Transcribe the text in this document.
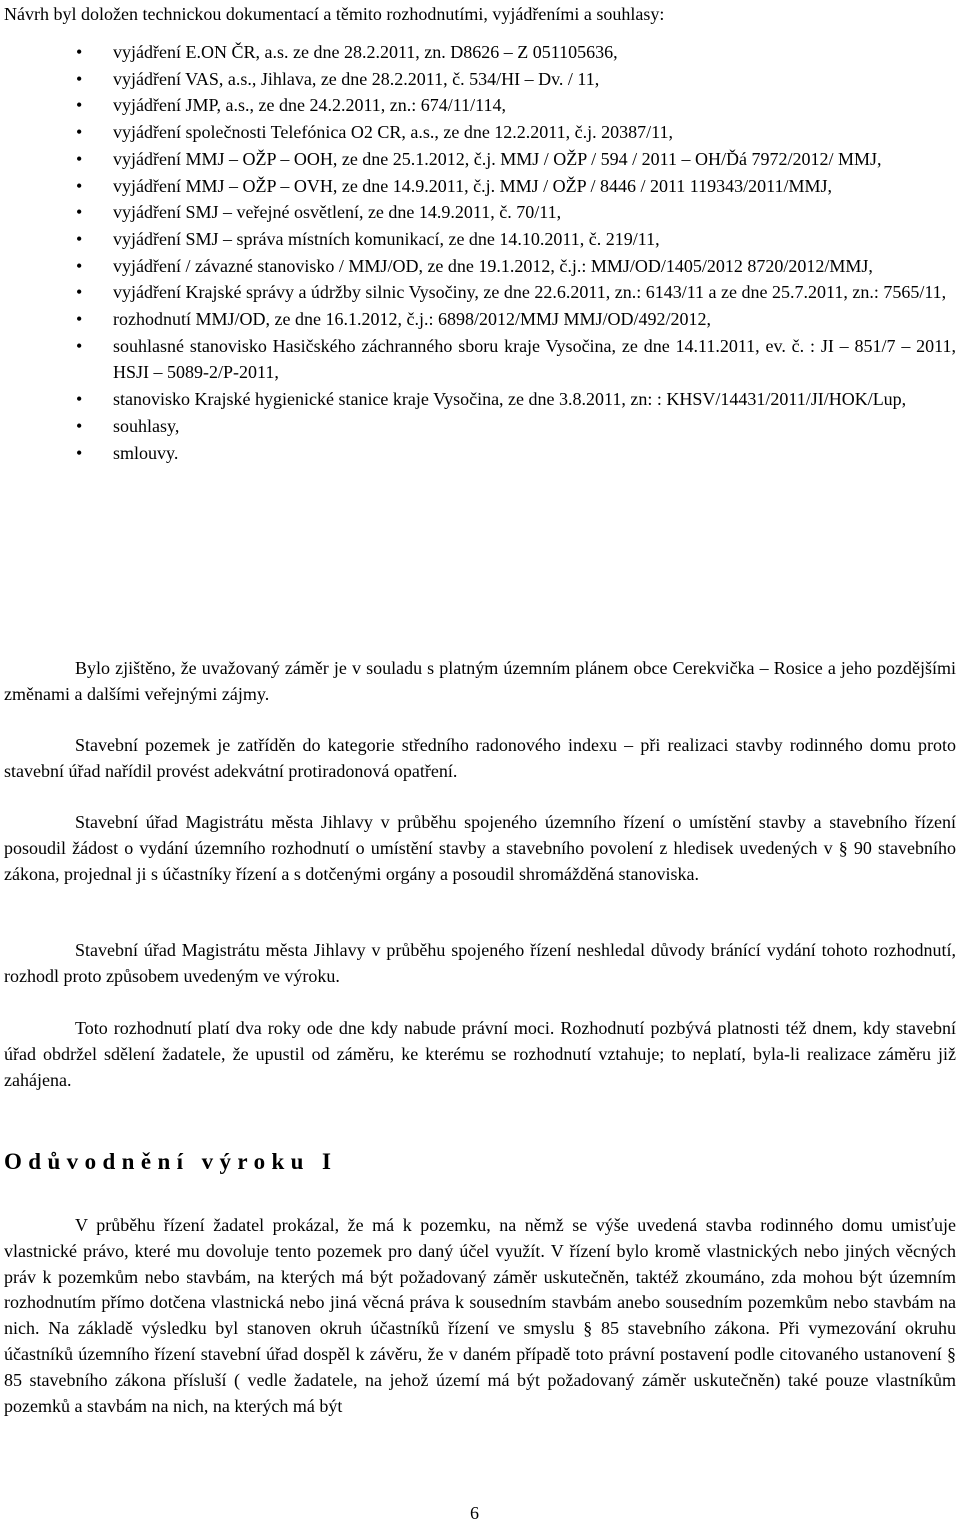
Návrh byl doložen technickou dokumentací a těmito rozhodnutími, vyjádřeními a souhlasy:

• vyjádření E.ON ČR, a.s. ze dne 28.2.2011, zn. D8626 – Z 051105636,
• vyjádření VAS, a.s., Jihlava, ze dne 28.2.2011, č. 534/HI – Dv. / 11,
• vyjádření JMP, a.s., ze dne 24.2.2011, zn.: 674/11/114,
• vyjádření společnosti Telefónica O2 CR, a.s., ze dne 12.2.2011, č.j. 20387/11,
• vyjádření MMJ – OŽP – OOH, ze dne 25.1.2012, č.j. MMJ / OŽP / 594 / 2011 – OH/Ďá 7972/2012/ MMJ,
• vyjádření MMJ – OŽP – OVH, ze dne 14.9.2011, č.j. MMJ / OŽP / 8446 / 2011 119343/2011/MMJ,
• vyjádření SMJ – veřejné osvětlení, ze dne 14.9.2011, č. 70/11,
• vyjádření SMJ – správa místních komunikací, ze dne 14.10.2011, č. 219/11,
• vyjádření / závazné stanovisko / MMJ/OD, ze dne 19.1.2012, č.j.: MMJ/OD/1405/2012 8720/2012/MMJ,
• vyjádření Krajské správy a údržby silnic Vysočiny, ze dne 22.6.2011, zn.: 6143/11 a ze dne 25.7.2011, zn.: 7565/11,
• rozhodnutí MMJ/OD, ze dne 16.1.2012, č.j.: 6898/2012/MMJ MMJ/OD/492/2012,
• souhlasné stanovisko Hasičského záchranného sboru kraje Vysočina, ze dne 14.11.2011, ev. č. : JI – 851/7 – 2011, HSJI – 5089-2/P-2011,
• stanovisko Krajské hygienické stanice kraje Vysočina, ze dne 3.8.2011, zn: : KHSV/14431/2011/JI/HOK/Lup,
• souhlasy,
• smlouvy.

Bylo zjištěno, že uvažovaný záměr je v souladu s platným územním plánem obce Cerekvička – Rosice a jeho pozdějšími změnami a dalšími veřejnými zájmy.

Stavební pozemek je zatříděn do kategorie středního radonového indexu – při realizaci stavby rodinného domu proto stavební úřad nařídil provést adekvátní protiradonová opatření.

Stavební úřad Magistrátu města Jihlavy v průběhu spojeného územního řízení o umístění stavby a stavebního řízení posoudil žádost o vydání územního rozhodnutí o umístění stavby a stavebního povolení z hledisek uvedených v § 90 stavebního zákona, projednal ji s účastníky řízení a s dotčenými orgány a posoudil shromážděná stanoviska.

Stavební úřad Magistrátu města Jihlavy v průběhu spojeného řízení neshledal důvody bránící vydání tohoto rozhodnutí, rozhodl proto způsobem uvedeným ve výroku.

Toto rozhodnutí platí dva roky ode dne kdy nabude právní moci. Rozhodnutí pozbývá platnosti též dnem, kdy stavební úřad obdržel sdělení žadatele, že upustil od záměru, ke kterému se rozhodnutí vztahuje; to neplatí, byla-li realizace záměru již zahájena.

Odůvodnění výroku I

V průběhu řízení žadatel prokázal, že má k pozemku, na němž se výše uvedená stavba rodinného domu umisťuje vlastnické právo, které mu dovoluje tento pozemek pro daný účel využít. V řízení bylo kromě vlastnických nebo jiných věcných práv k pozemkům nebo stavbám, na kterých má být požadovaný záměr uskutečněn, taktéž zkoumáno, zda mohou být územním rozhodnutím přímo dotčena vlastnická nebo jiná věcná práva k sousedním stavbám anebo sousedním pozemkům nebo stavbám na nich. Na základě výsledku byl stanoven okruh účastníků řízení ve smyslu § 85 stavebního zákona. Při vymezování okruhu účastníků územního řízení stavební úřad dospěl k závěru, že v daném případě toto právní postavení podle citovaného ustanovení § 85 stavebního zákona přísluší ( vedle žadatele, na jehož území má být požadovaný záměr uskutečněn) také pouze vlastníkům pozemků a stavbám na nich, na kterých má být

6
